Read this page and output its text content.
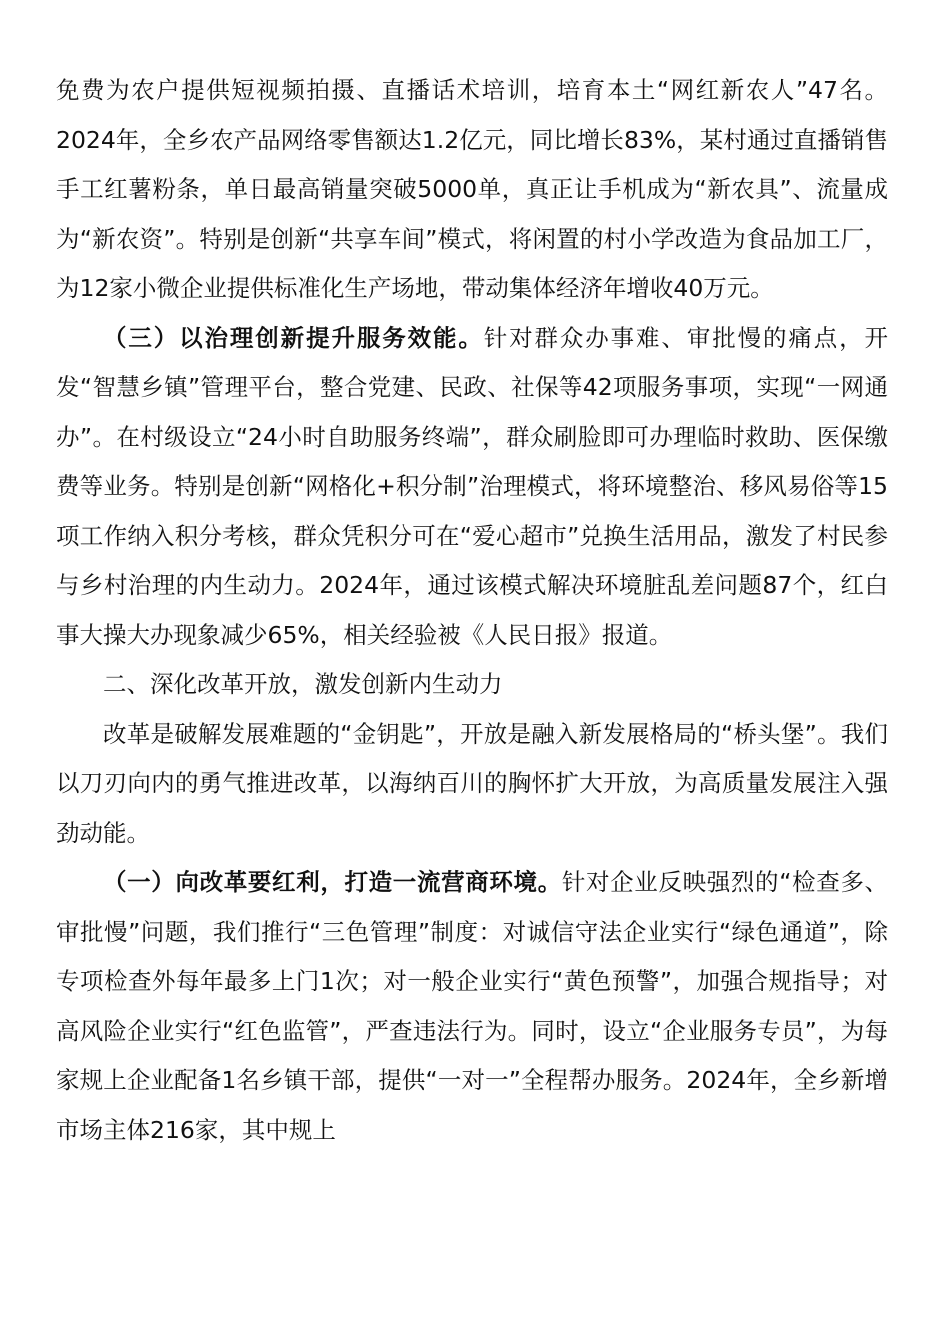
免费为农户提供短视频拍摄、直播话术培训，培育本土“网红新农人”47名。2024年，全乡农产品网络零售额达1.2亿元，同比增长83%，某村通过直播销售手工红薯粉条，单日最高销量突破5000单，真正让手机成为“新农具”、流量成为“新农资”。特别是创新“共享车间”模式，将闲置的村小学改造为食品加工厂，为12家小微企业提供标准化生产场地，带动集体经济年增收40万元。

（三）以治理创新提升服务效能。针对群众办事难、审批慢的痛点，开发“智慧乡镇”管理平台，整合党建、民政、社保等42项服务事项，实现“一网通办”。在村级设立“24小时自助服务终端”，群众刷脸即可办理临时救助、医保缴费等业务。特别是创新“网格化+积分制”治理模式，将环境整治、移风易俗等15项工作纳入积分考核，群众凭积分可在“爱心超市”兑换生活用品，激发了村民参与乡村治理的内生动力。2024年，通过该模式解决环境脏乱差问题87个，红白事大操大办现象减少65%，相关经验被《人民日报》报道。

二、深化改革开放，激发创新内生动力

改革是破解发展难题的“金钥匙”，开放是融入新发展格局的“桥头堡”。我们以刀刃向内的勇气推进改革，以海纳百川的胸怀扩大开放，为高质量发展注入强劲动能。

（一）向改革要红利，打造一流营商环境。针对企业反映强烈的“检查多、审批慢”问题，我们推行“三色管理”制度：对诚信守法企业实行“绿色通道”，除专项检查外每年最多上门1次；对一般企业实行“黄色预警”，加强合规指导；对高风险企业实行“红色监管”，严查违法行为。同时，设立“企业服务专员”，为每家规上企业配备1名乡镇干部，提供“一对一”全程帮办服务。2024年，全乡新增市场主体216家，其中规上
